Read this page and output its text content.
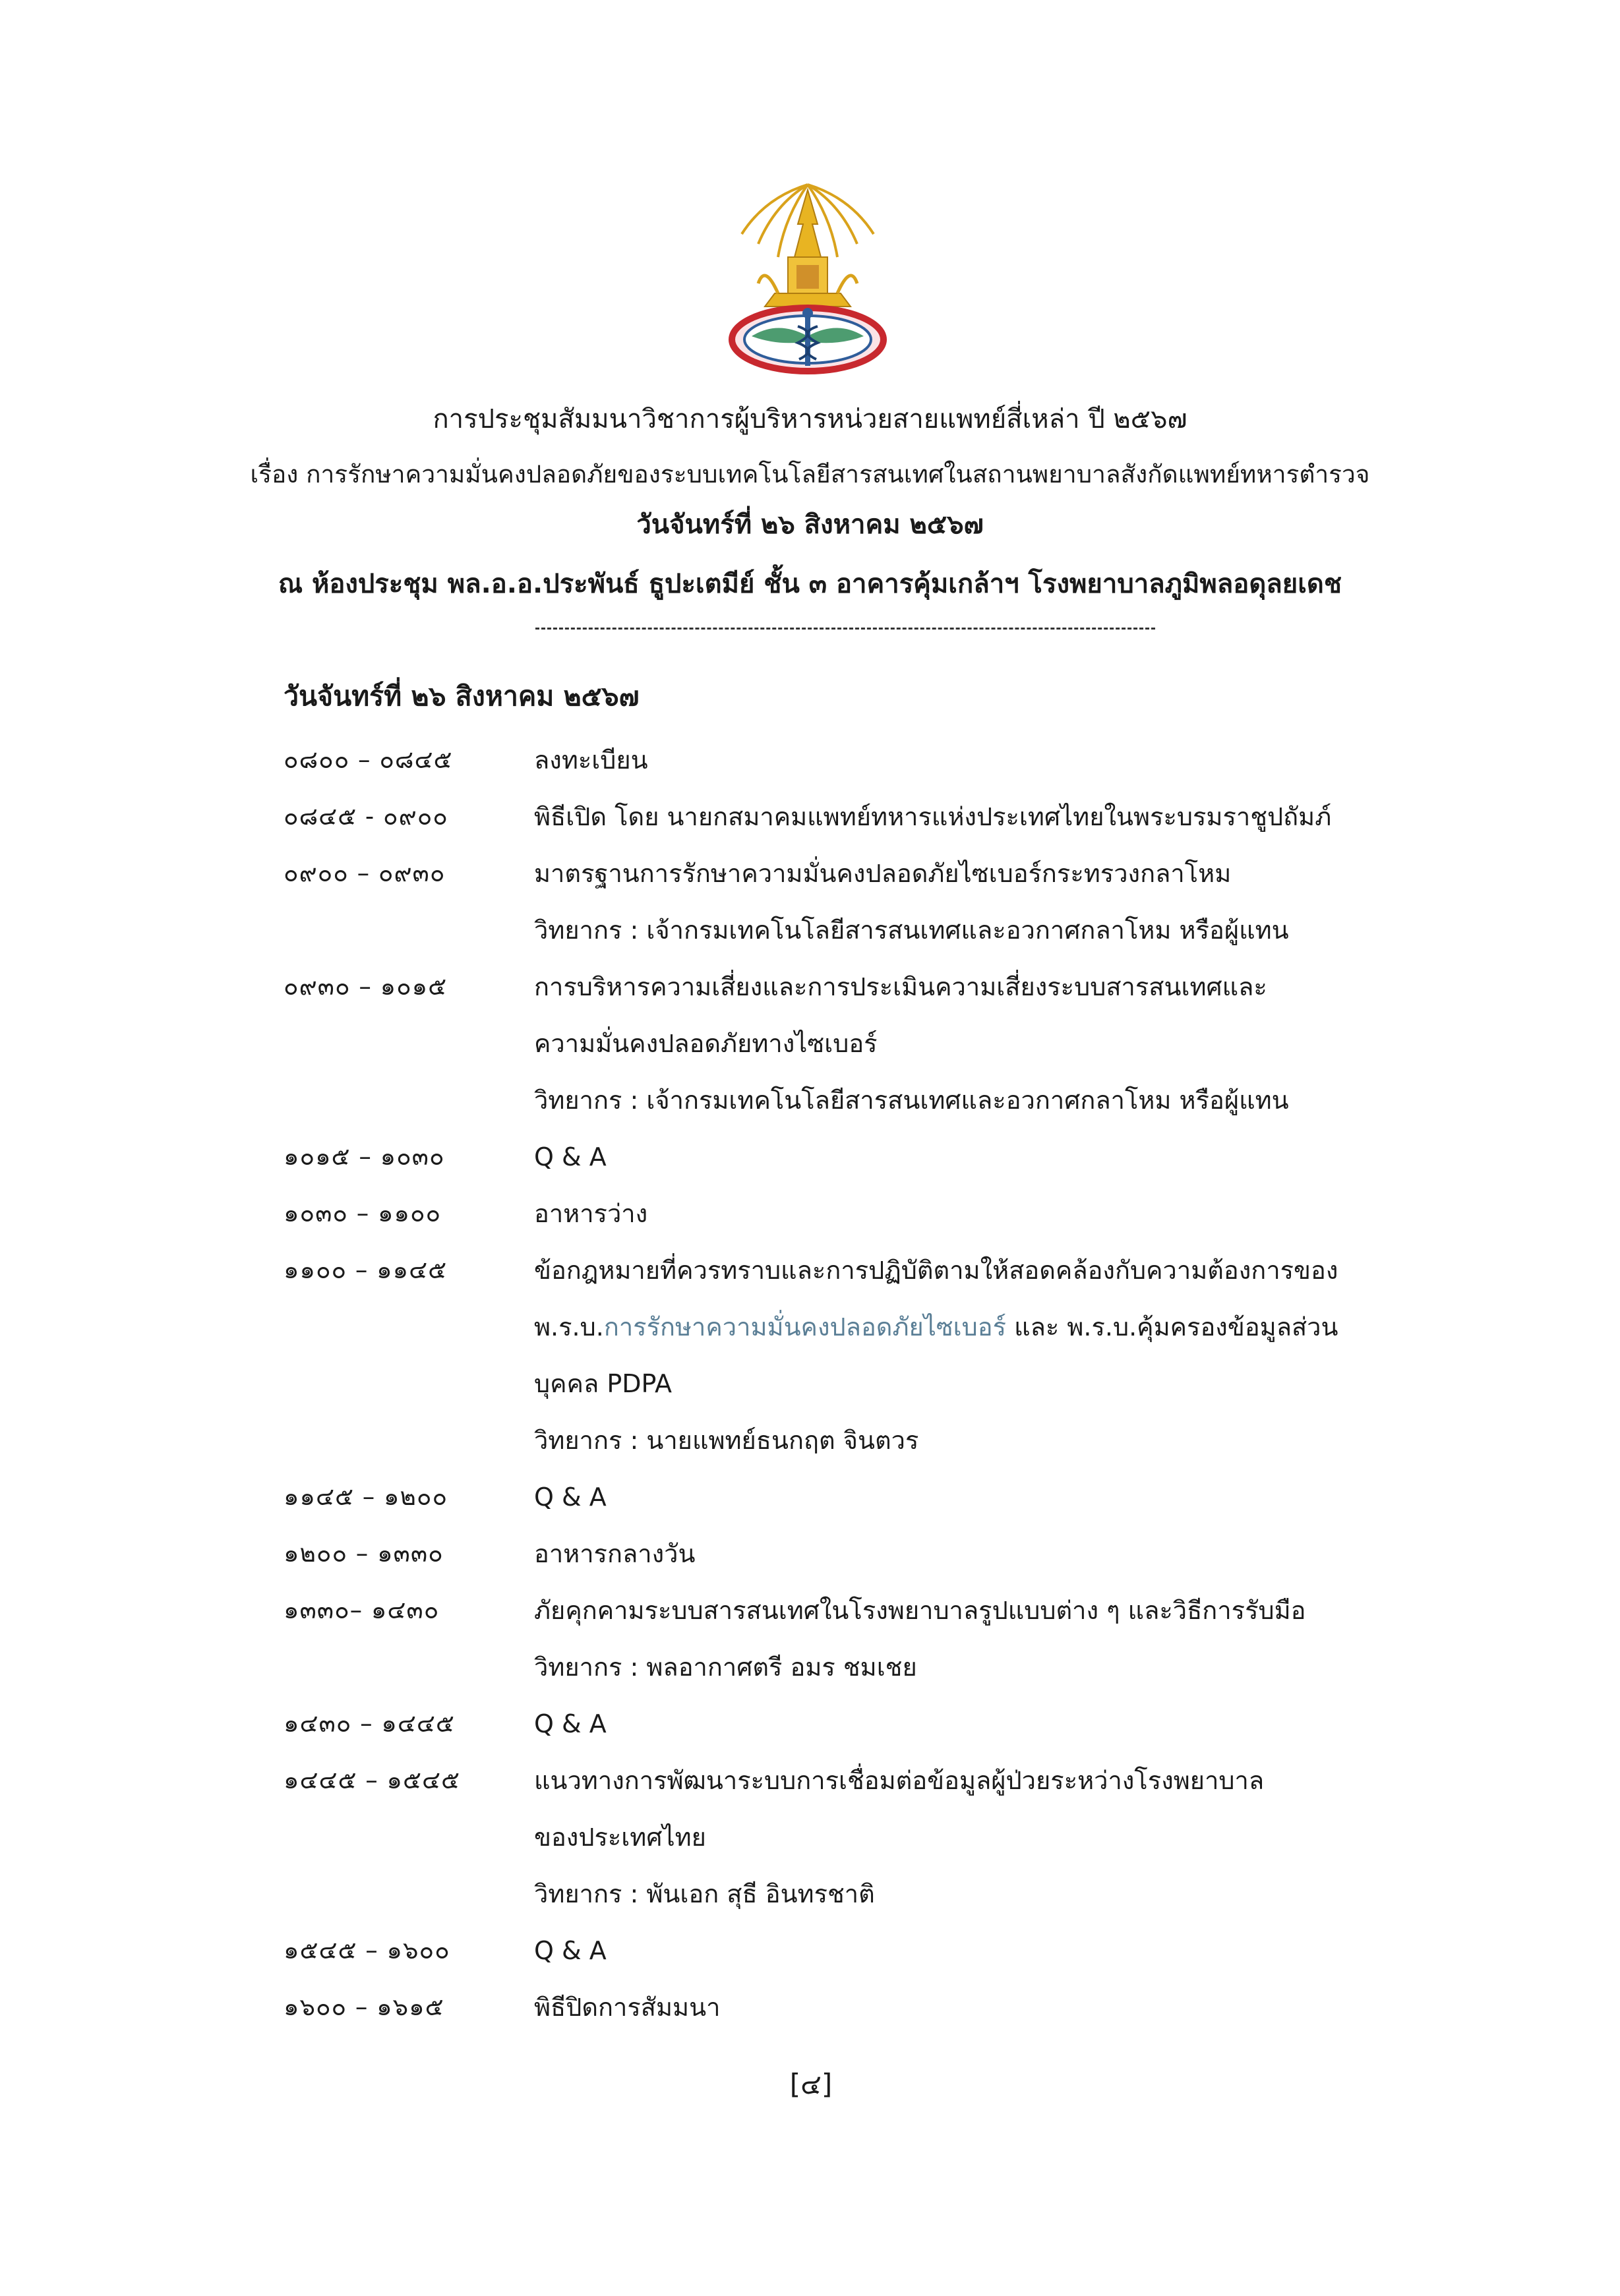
การประชุมสัมมนาวิชาการผู้บริหารหน่วยสายแพทย์สี่เหล่า ปี ๒๕๖๗
เรื่อง การรักษาความมั่นคงปลอดภัยของระบบเทคโนโลยีสารสนเทศในสถานพยาบาลสังกัดแพทย์ทหารตำรวจ
วันจันทร์ที่ ๒๖ สิงหาคม ๒๕๖๗
ณ ห้องประชุม พล.อ.อ.ประพันธ์ ธูปะเตมีย์ ชั้น ๓ อาคารคุ้มเกล้าฯ โรงพยาบาลภูมิพลอดุลยเดช
วันจันทร์ที่ ๒๖ สิงหาคม ๒๕๖๗
๐๘๐๐ – ๐๘๔๕	ลงทะเบียน
๐๘๔๕ - ๐๙๐๐	พิธีเปิด โดย นายกสมาคมแพทย์ทหารแห่งประเทศไทยในพระบรมราชูปถัมภ์
๐๙๐๐ – ๐๙๓๐	มาตรฐานการรักษาความมั่นคงปลอดภัยไซเบอร์กระทรวงกลาโหม
วิทยากร : เจ้ากรมเทคโนโลยีสารสนเทศและอวกาศกลาโหม หรือผู้แทน
๐๙๓๐ – ๑๐๑๕	การบริหารความเสี่ยงและการประเมินความเสี่ยงระบบสารสนเทศและ
ความมั่นคงปลอดภัยทางไซเบอร์
วิทยากร : เจ้ากรมเทคโนโลยีสารสนเทศและอวกาศกลาโหม หรือผู้แทน
๑๐๑๕ – ๑๐๓๐	Q & A
๑๐๓๐ – ๑๑๐๐	อาหารว่าง
๑๑๐๐ – ๑๑๔๕	ข้อกฎหมายที่ควรทราบและการปฏิบัติตามให้สอดคล้องกับความต้องการของ
พ.ร.บ.การรักษาความมั่นคงปลอดภัยไซเบอร์ และ พ.ร.บ.คุ้มครองข้อมูลส่วน
บุคคล PDPA
วิทยากร : นายแพทย์ธนกฤต จินตวร
๑๑๔๕ – ๑๒๐๐	Q & A
๑๒๐๐ – ๑๓๓๐	อาหารกลางวัน
๑๓๓๐– ๑๔๓๐	ภัยคุกคามระบบสารสนเทศในโรงพยาบาลรูปแบบต่าง ๆ และวิธีการรับมือ
วิทยากร : พลอากาศตรี อมร ชมเชย
๑๔๓๐ – ๑๔๔๕	Q & A
๑๔๔๕ – ๑๕๔๕	แนวทางการพัฒนาระบบการเชื่อมต่อข้อมูลผู้ป่วยระหว่างโรงพยาบาล
ของประเทศไทย
วิทยากร : พันเอก สุธี อินทรชาติ
๑๕๔๕ – ๑๖๐๐	Q & A
๑๖๐๐ – ๑๖๑๕	พิธีปิดการสัมมนา
[๔]
